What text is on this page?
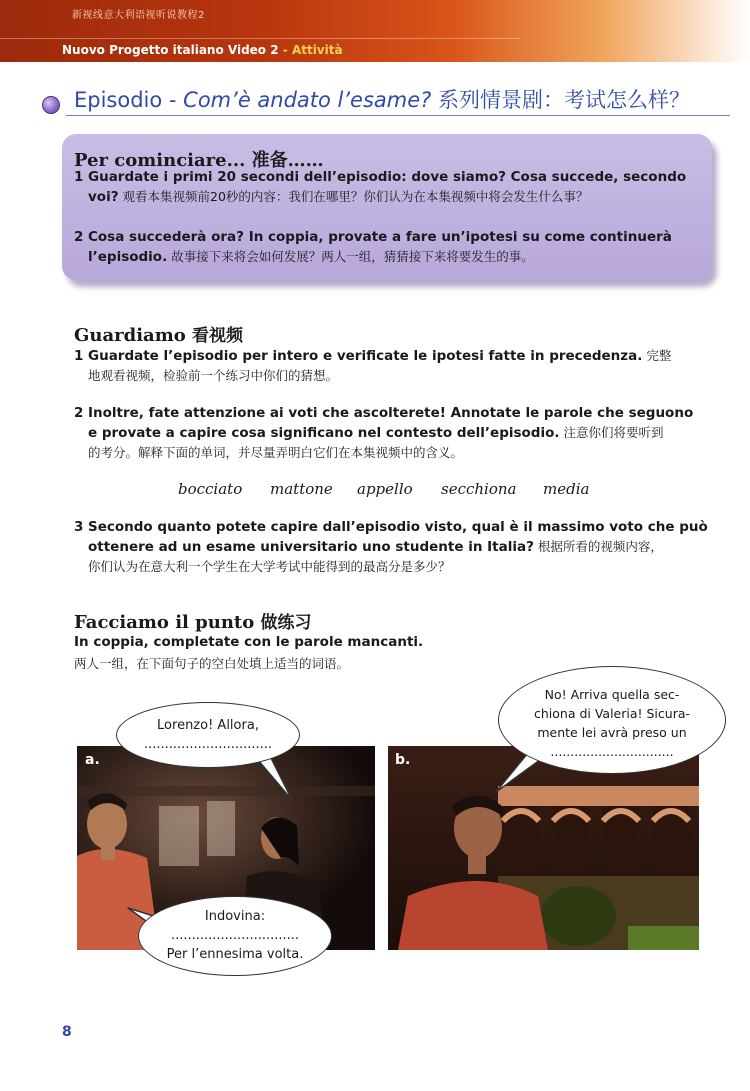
新视线意大利语视听说教程2
Nuovo Progetto italiano Video 2 - Attività
Episodio - Com’è andato l’esame? 系列情景剧：考试怎么样？
Per cominciare... 准备……
1 Guardate i primi 20 secondi dell’episodio: dove siamo? Cosa succede, secondo
voi? 观看本集视频前20秒的内容：我们在哪里？你们认为在本集视频中将会发生什么事？
2 Cosa succederà ora? In coppia, provate a fare un’ipotesi su come continuerà
l’episodio. 故事接下来将会如何发展？两人一组，猜猜接下来将要发生的事。
Guardiamo 看视频
1 Guardate l’episodio per intero e verificate le ipotesi fatte in precedenza. 完整
地观看视频，检验前一个练习中你们的猜想。
2 Inoltre, fate attenzione ai voti che ascolterete! Annotate le parole che seguono
e provate a capire cosa significano nel contesto dell’episodio. 注意你们将要听到
的考分。解释下面的单词，并尽量弄明白它们在本集视频中的含义。
bocciato mattone appello secchiona media
3 Secondo quanto potete capire dall’episodio visto, qual è il massimo voto che può
ottenere ad un esame universitario uno studente in Italia? 根据所看的视频内容，
你们认为在意大利一个学生在大学考试中能得到的最高分是多少？
Facciamo il punto 做练习
In coppia, completate con le parole mancanti.
两人一组，在下面句子的空白处填上适当的词语。
a.	b.
Lorenzo! Allora,
...............................
Indovina:
...............................
Per l’ennesima volta.
No! Arriva quella sec-
chiona di Valeria! Sicura-
mente lei avrà preso un
...............................
8
